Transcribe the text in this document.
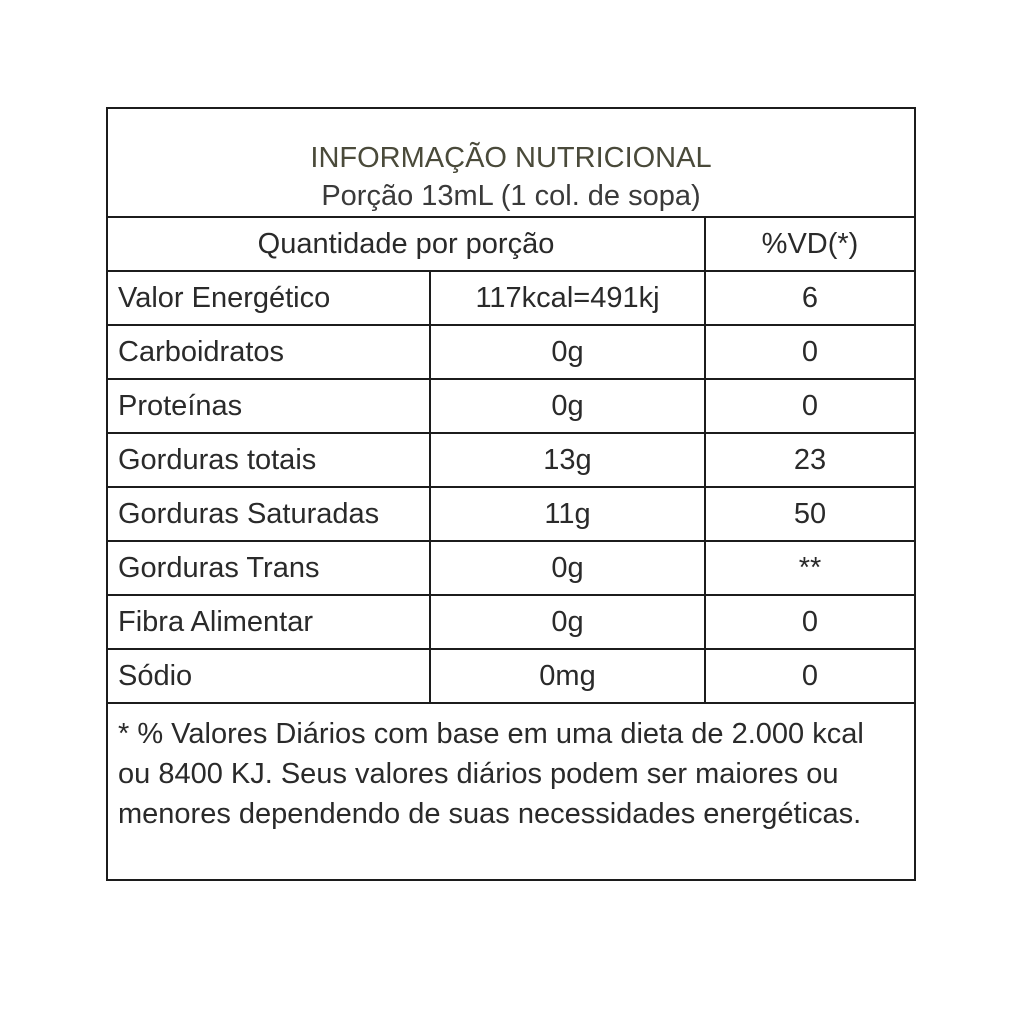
INFORMAÇÃO NUTRICIONAL
Porção 13mL (1 col. de sopa)
Quantidade por porção	%VD(*)
Valor Energético	117kcal=491kj	6
Carboidratos	0g	0
Proteínas	0g	0
Gorduras totais	13g	23
Gorduras Saturadas	11g	50
Gorduras Trans	0g	**
Fibra Alimentar	0g	0
Sódio	0mg	0
* % Valores Diários com base em uma dieta de 2.000 kcal ou 8400 KJ. Seus valores diários podem ser maiores ou menores dependendo de suas necessidades energéticas.
